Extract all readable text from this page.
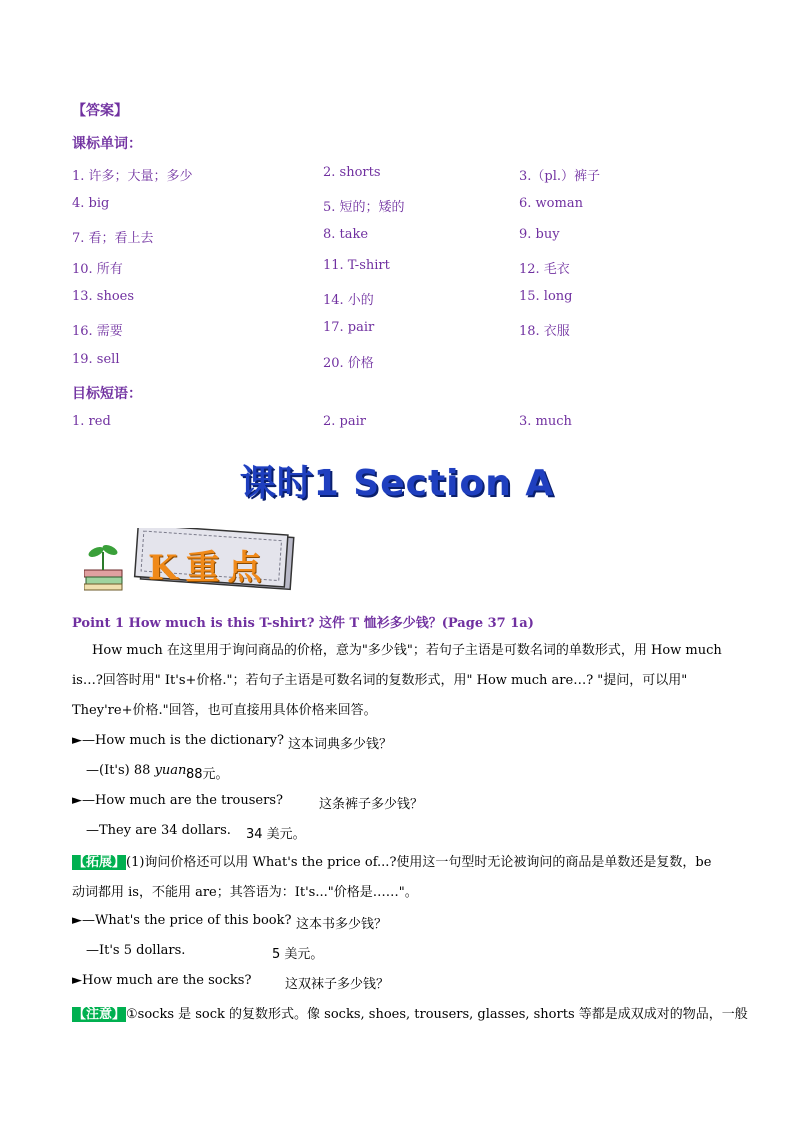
【答案】
课标单词：
1. 许多；大量；多少	2. shorts	3.（pl.）裤子
4. big	5. 短的；矮的	6. woman
7. 看；看上去	8. take	9. buy
10. 所有	11. T-shirt	12. 毛衣
13. shoes	14. 小的	15. long
16. 需要	17. pair	18. 衣服
19. sell	20. 价格
目标短语：
1. red	2. pair	3. much
课时1 Section A
K重点
Point 1 How much is this T-shirt? 这件 T 恤衫多少钱？(Page 37 1a)
How much 在这里用于询问商品的价格，意为"多少钱"；若句子主语是可数名词的单数形式，用 How much is…?回答时用" It's+价格."；若句子主语是可数名词的复数形式，用" How much are…? "提问，可以用" They're+价格."回答，也可直接用具体价格来回答。
►—How much is the dictionary? 这本词典多少钱？
—(It's) 88 yuan.
88元。
►—How much are the trousers?	这条裤子多少钱？
—They are 34 dollars. 34 美元。
【拓展】(1)询问价格还可以用 What's the price of...?使用这一句型时无论被询问的商品是单数还是复数，be 动词都用 is，不能用 are；其答语为：It's..."价格是……"。
►—What's the price of this book? 这本书多少钱？
—It's 5 dollars.	5 美元。
►How much are the socks?	这双袜子多少钱？
【注意】①socks 是 sock 的复数形式。像 socks, shoes, trousers, glasses, shorts 等都是成双成对的物品，一般
